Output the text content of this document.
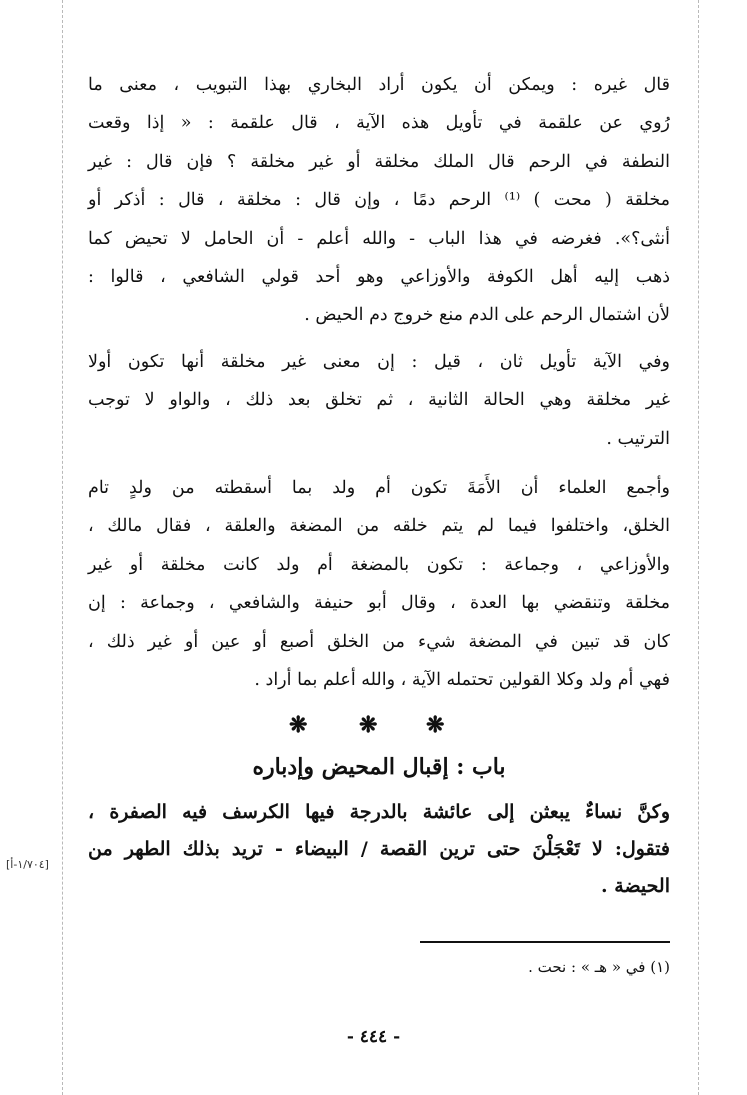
قال غيره : ويمكن أن يكون أراد البخاري بهذا التبويب ، معنى ما
رُوي عن علقمة في تأويل هذه الآية ، قال علقمة : « إذا وقعت
النطفة في الرحم قال الملك مخلقة أو غير مخلقة ؟ فإن قال : غير
مخلقة ( محت ) ⁽¹⁾ الرحم دمًا ، وإن قال : مخلقة ، قال : أذكر أو
أنثى؟». فغرضه في هذا الباب - والله أعلم - أن الحامل لا تحيض كما
ذهب إليه أهل الكوفة والأوزاعي وهو أحد قولي الشافعي ، قالوا :
لأن اشتمال الرحم على الدم منع خروج دم الحيض .
وفي الآية تأويل ثان ، قيل : إن معنى غير مخلقة أنها تكون أولا
غير مخلقة وهي الحالة الثانية ، ثم تخلق بعد ذلك ، والواو لا توجب
الترتيب .
وأجمع العلماء أن الأَمَةَ تكون أم ولد بما أسقطته من ولدٍ تام
الخلق، واختلفوا فيما لم يتم خلقه من المضغة والعلقة ، فقال مالك ،
والأوزاعي ، وجماعة : تكون بالمضغة أم ولد كانت مخلقة أو غير
مخلقة وتنقضي بها العدة ، وقال أبو حنيفة والشافعي ، وجماعة : إن
كان قد تبين في المضغة شيء من الخلق أصبع أو عين أو غير ذلك ،
فهي أم ولد وكلا القولين تحتمله الآية ، والله أعلم بما أراد .
❋ ❋ ❋
باب : إقبال المحيض وإدباره
وكنَّ نساءٌ يبعثن إلى عائشة بالدرجة فيها الكرسف فيه الصفرة ،
فتقول: لا تَعْجَلْنَ حتى ترين القصة / البيضاء - تريد بذلك الطهر من
الحيضة .
[١/٧٠٤-أ]
(١) في « هـ » : نحت .
- ٤٤٤ -
